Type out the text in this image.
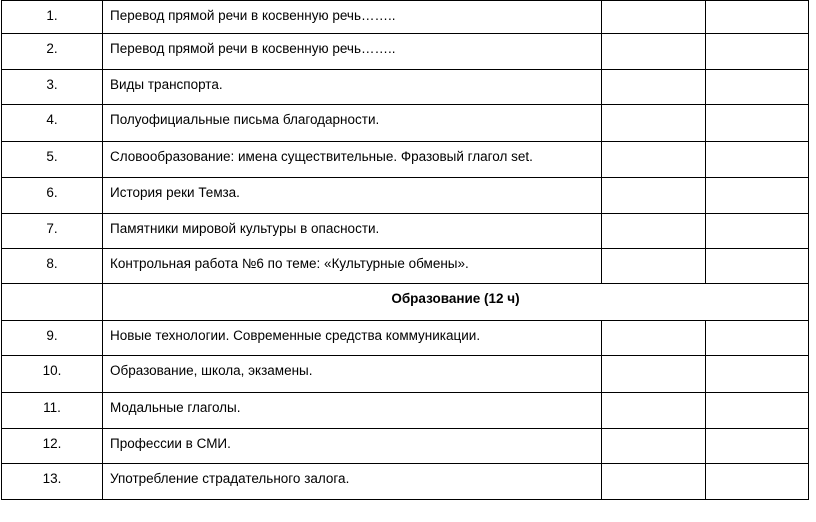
1.	Перевод прямой речи в косвенную речь……..		
2.	Перевод прямой речи в косвенную речь……..		
3.	Виды транспорта.		
4.	Полуофициальные письма благодарности.		
5.	Словообразование: имена существительные. Фразовый глагол set.		
6.	История реки Темза.		
7.	Памятники мировой культуры в опасности.		
8.	Контрольная работа №6 по теме: «Культурные обмены».		
	Образование (12 ч)		
9.	Новые технологии. Современные средства коммуникации.		
10.	Образование, школа, экзамены.		
11.	Модальные глаголы.		
12.	Профессии в СМИ.		
13.	Употребление страдательного залога.		
